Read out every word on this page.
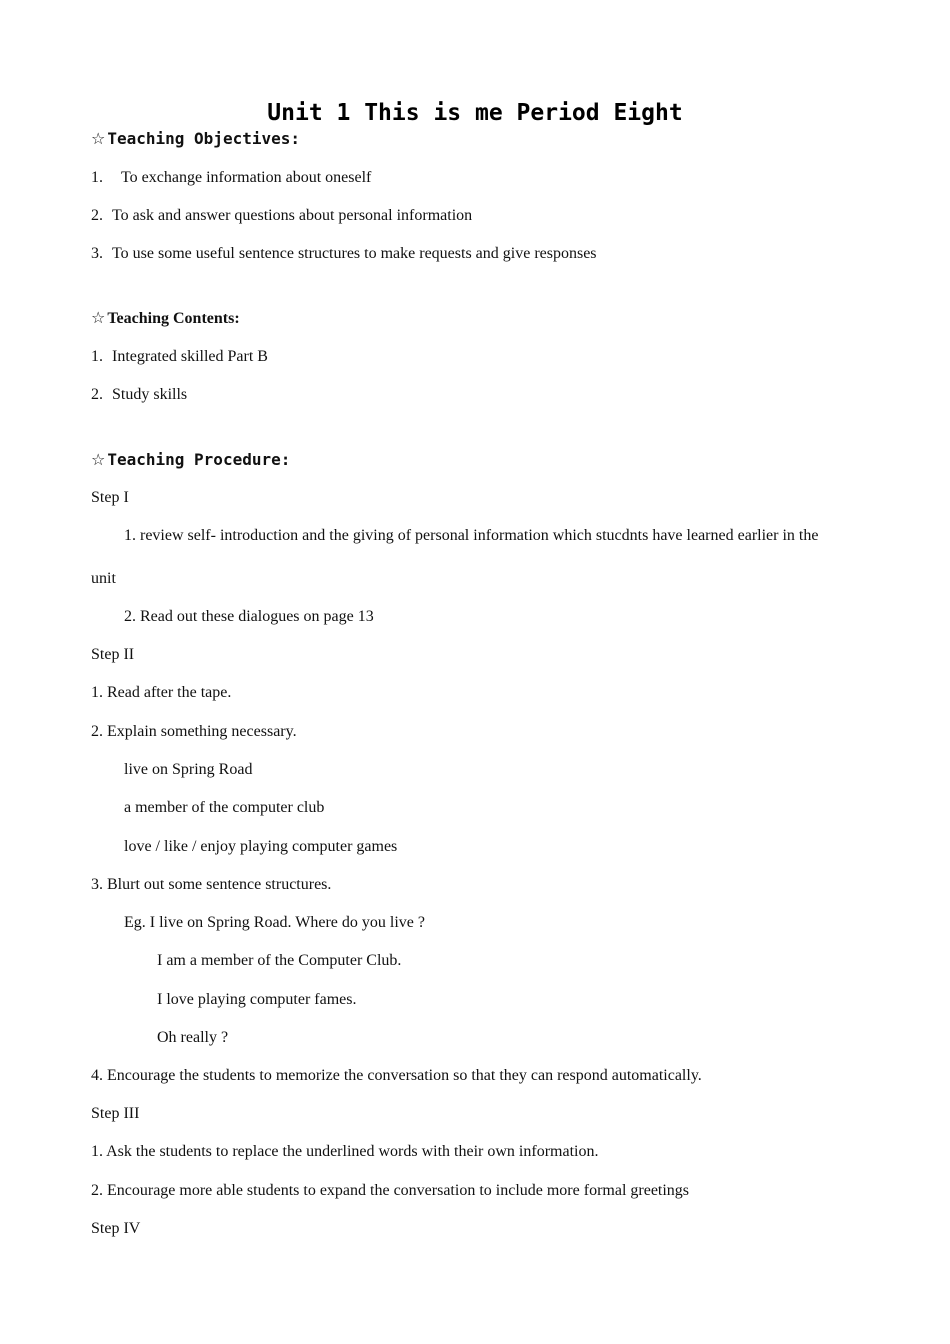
Unit 1 This is me Period Eight

☆ Teaching Objectives:

1. To exchange information about oneself

2. To ask and answer questions about personal information

3. To use some useful sentence structures to make requests and give responses

☆ Teaching Contents:

1. Integrated skilled Part B

2. Study skills

☆ Teaching Procedure:

Step I

1. review self- introduction and the giving of personal information which stucdnts have learned earlier in the

unit

2. Read out these dialogues on page 13

Step II

1. Read after the tape.

2. Explain something necessary.

live on Spring Road

a member of the computer club

love / like / enjoy playing computer games

3. Blurt out some sentence structures.

Eg. I live on Spring Road. Where do you live ?

I am a member of the Computer Club.

I love playing computer fames.

Oh really ?

4. Encourage the students to memorize the conversation so that they can respond automatically.

Step III

1. Ask the students to replace the underlined words with their own information.

2. Encourage more able students to expand the conversation to include more formal greetings

Step IV
